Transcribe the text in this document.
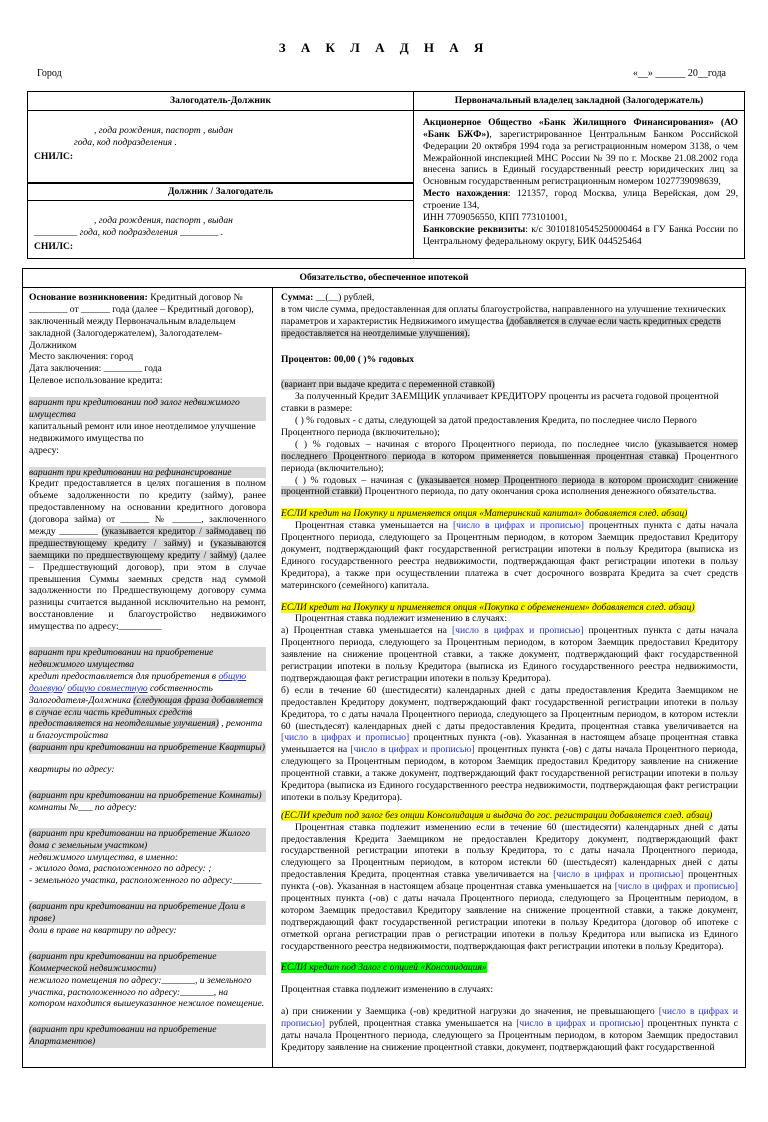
З А К Л А Д Н А Я
Город	«__» ______ 20__года
Залогодатель-Должник

, года рождения, паспорт , выдан

года, код подразделения .

СНИЛС:

Должник / Залогодатель

, года рождения, паспорт , выдан

_________ года, код подразделения ________ .

СНИЛС:

Первоначальный владелец закладной (Залогодержатель)

Акционерное Общество «Банк Жилищного Финансирования» (АО «Банк БЖФ»), зарегистрированное Центральным Банком Российской Федерации 20 октября 1994 года за регистрационным номером 3138, о чем Межрайонной инспекцией МНС России № 39 по г. Москве 21.08.2002 года внесена запись в Единый государственный реестр юридических лиц за Основным государственным регистрационным номером 1027739098639,

Место нахождения: 121357, город Москва, улица Верейская, дом 29, строение 134,

ИНН 7709056550, КПП 773101001,

Банковские реквизиты: к/с 30101810545250000464 в ГУ Банка России по Центральному федеральному округу, БИК 044525464

Обязательство, обеспеченное ипотекой

Основание возникновения: Кредитный договор № ________ от ______ года (далее – Кредитный договор), заключенный между Первоначальным владельцем закладной (Залогодержателем), Залогодателем-Должником

Место заключения: город

Дата заключения: ________ года

Целевое использование кредита:

вариант при кредитовании под залог недвижимого имущества

капитальный ремонт или иное неотделимое улучшение недвижимого имущества по

адресу:

вариант при кредитовании на рефинансирование

Кредит предоставляется в целях погашения в полном объеме задолженности по кредиту (займу), ранее предоставленному на основании кредитного договора (договора займа) от ______ № ______, заключенного между ________ (указывается кредитор / займодавец по предшествующему кредиту / займу) и (указываются заемщики по предшествующему кредиту / займу) (далее – Предшествующий договор), при этом в случае превышения Суммы заемных средств над суммой задолженности по Предшествующему договору сумма разницы считается выданной исключительно на ремонт, восстановление и благоустройство недвижимого имущества по адресу:_________

вариант при кредитовании на приобретение недвижимого имущества

кредит предоставляется для приобретения в общую долевую/ общую совместную собственность Залогодателя-Должника (следующая фраза добавляется в случае если часть кредитных средств предоставляется на неотделимые улучшения) , ремонта и благоустройства

(вариант при кредитовании на приобретение Квартиры)

квартиры по адресу:

(вариант при кредитовании на приобретение Комнаты)

комнаты №___ по адресу:

(вариант при кредитовании на приобретение Жилого дома с земельным участком)

недвижимого имущества, в именно:

- жилого дома, расположенного по адресу: ;

- земельного участка, расположенного по адресу:______

(вариант при кредитовании на приобретение Доли в праве)

доли в праве на квартиру по адресу:

(вариант при кредитовании на приобретение Коммерческой недвижимости)

нежилого помещения по адресу:_______, и земельного участка, расположенного по адресу:_______, на котором находится вышеуказанное нежилое помещение.

(вариант при кредитовании на приобретение Апартаментов)

Сумма: __(__) рублей,

в том числе сумма, предоставленная для оплаты благоустройства, направленного на улучшение технических параметров и характеристик Недвижимого имущества (добавляется в случае если часть кредитных средств предоставляется на неотделимые улучшения).

Процентов: 00,00 ( )% годовых

(вариант при выдаче кредита с переменной ставкой)

За полученный Кредит ЗАЕМЩИК уплачивает КРЕДИТОРУ проценты из расчета годовой процентной ставки в размере:

( ) % годовых - с даты, следующей за датой предоставления Кредита, по последнее число Первого Процентного периода (включительно);

( ) % годовых – начиная с второго Процентного периода, по последнее число (указывается номер последнего Процентного периода в котором применяется повышенная процентная ставка) Процентного периода (включительно);

( ) % годовых – начиная с (указывается номер Процентного периода в котором происходит снижение процентной ставки) Процентного периода, по дату окончания срока исполнения денежного обязательства.

ЕСЛИ кредит на Покупку и применяется опция «Материнский капитал» добавляется след. абзац)

Процентная ставка уменьшается на [число в цифрах и прописью] процентных пункта с даты начала Процентного периода, следующего за Процентным периодом, в котором Заемщик предоставил Кредитору документ, подтверждающий факт государственной регистрации ипотеки в пользу Кредитора (выписка из Единого государственного реестра недвижимости, подтверждающая факт регистрации ипотеки в пользу Кредитора), а также при осуществлении платежа в счет досрочного возврата Кредита за счет средств материнского (семейного) капитала.

ЕСЛИ кредит на Покупку и применяется опция «Покупка с обременением» добавляется след. абзац)

Процентная ставка подлежит изменению в случаях:

а) Процентная ставка уменьшается на [число в цифрах и прописью] процентных пункта с даты начала Процентного периода, следующего за Процентным периодом, в котором Заемщик предоставил Кредитору заявление на снижение процентной ставки, а также документ, подтверждающий факт государственной регистрации ипотеки в пользу Кредитора (выписка из Единого государственного реестра недвижимости, подтверждающая факт регистрации ипотеки в пользу Кредитора).

б) если в течение 60 (шестидесяти) календарных дней с даты предоставления Кредита Заемщиком не предоставлен Кредитору документ, подтверждающий факт государственной регистрации ипотеки в пользу Кредитора, то с даты начала Процентного периода, следующего за Процентным периодом, в котором истекли 60 (шестьдесят) календарных дней с даты предоставления Кредита, процентная ставка увеличивается на [число в цифрах и прописью] процентных пункта (-ов). Указанная в настоящем абзаце процентная ставка уменьшается на [число в цифрах и прописью] процентных пункта (-ов) с даты начала Процентного периода, следующего за Процентным периодом, в котором Заемщик предоставил Кредитору заявление на снижение процентной ставки, а также документ, подтверждающий факт государственной регистрации ипотеки в пользу Кредитора (выписка из Единого государственного реестра недвижимости, подтверждающая факт регистрации ипотеки в пользу Кредитора).

(ЕСЛИ кредит под залог без опции Консолидация и выдача до гос. регистрации добавляется след. абзац)

Процентная ставка подлежит изменению если в течение 60 (шестидесяти) календарных дней с даты предоставления Кредита Заемщиком не предоставлен Кредитору документ, подтверждающий факт государственной регистрации ипотеки в пользу Кредитора, то с даты начала Процентного периода, следующего за Процентным периодом, в котором истекли 60 (шестьдесят) календарных дней с даты предоставления Кредита, процентная ставка увеличивается на [число в цифрах и прописью] процентных пункта (-ов). Указанная в настоящем абзаце процентная ставка уменьшается на [число в цифрах и прописью] процентных пункта (-ов) с даты начала Процентного периода, следующего за Процентным периодом, в котором Заемщик предоставил Кредитору заявление на снижение процентной ставки, а также документ, подтверждающий факт государственной регистрации ипотеки в пользу Кредитора (договор об ипотеке с отметкой органа регистрации прав о регистрации ипотеки в пользу Кредитора или выписка из Единого государственного реестра недвижимости, подтверждающая факт регистрации ипотеки в пользу Кредитора).

ЕСЛИ кредит под Залог с опцией «Консолидация»

Процентная ставка подлежит изменению в случаях:

а) при снижении у Заемщика (-ов) кредитной нагрузки до значения, не превышающего [число в цифрах и прописью] рублей, процентная ставка уменьшается на [число в цифрах и прописью] процентных пункта с даты начала Процентного периода, следующего за Процентным периодом, в котором Заемщик предоставил Кредитору заявление на снижение процентной ставки, документ, подтверждающий факт государственной
